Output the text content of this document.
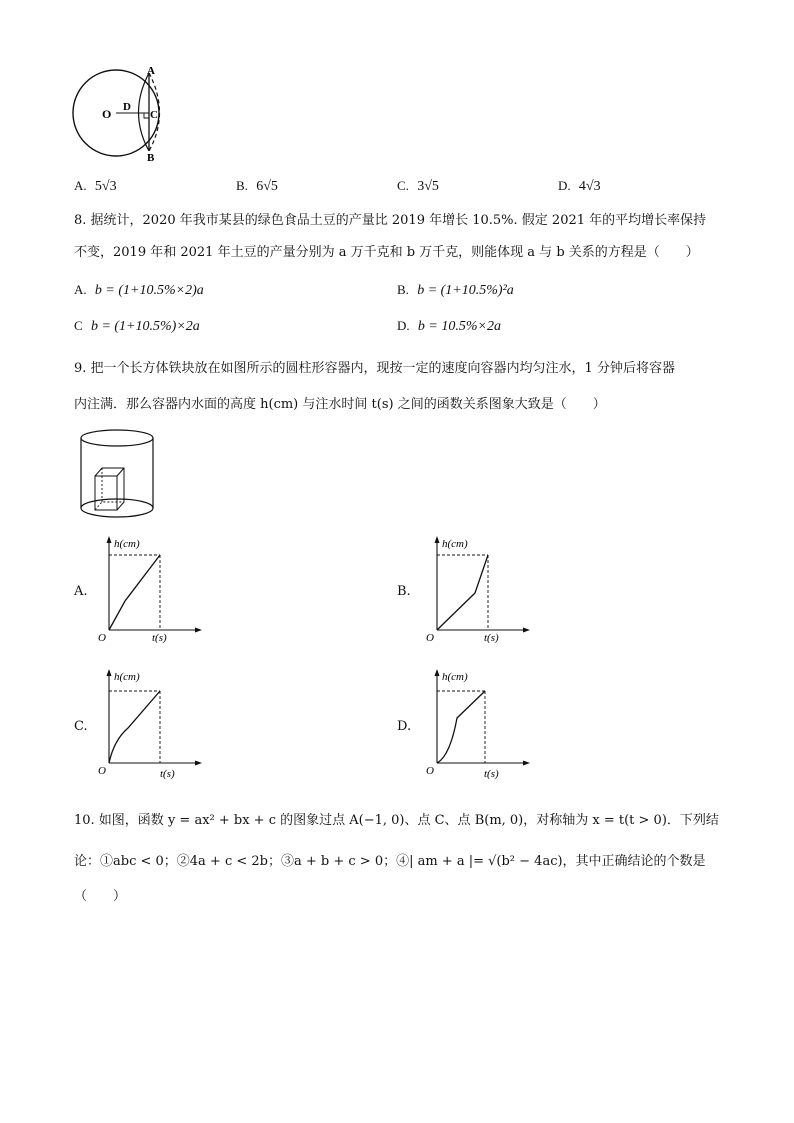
O D
C
A
B
A. 5√3	B. 6√5	C. 3√5	D. 4√3
8. 据统计，2020 年我市某县的绿色食品土豆的产量比 2019 年增长 10.5%. 假定 2021 年的平均增长率保持
不变，2019 年和 2021 年土豆的产量分别为 a 万千克和 b 万千克，则能体现 a 与 b 关系的方程是（　　）
A. b = (1+10.5%×2)a	B. b = (1+10.5%)²a
C b = (1+10.5%)×2a	D. b = 10.5%×2a
9. 把一个长方体铁块放在如图所示的圆柱形容器内，现按一定的速度向容器内均匀注水，1 分钟后将容器
内注满．那么容器内水面的高度 h(cm) 与注水时间 t(s) 之间的函数关系图象大致是（　　）
A.
h(cm)
O	t(s)
B.
h(cm)
O	t(s)
C.
h(cm)
O	t(s)
D.
h(cm)
O	t(s)
10. 如图，函数 y = ax² + bx + c 的图象过点 A(−1, 0)、点 C、点 B(m, 0)，对称轴为 x = t(t > 0)．下列结
论：①abc < 0；②4a + c < 2b；③a + b + c > 0；④| am + a |= √(b² − 4ac)，其中正确结论的个数是
（　　）
